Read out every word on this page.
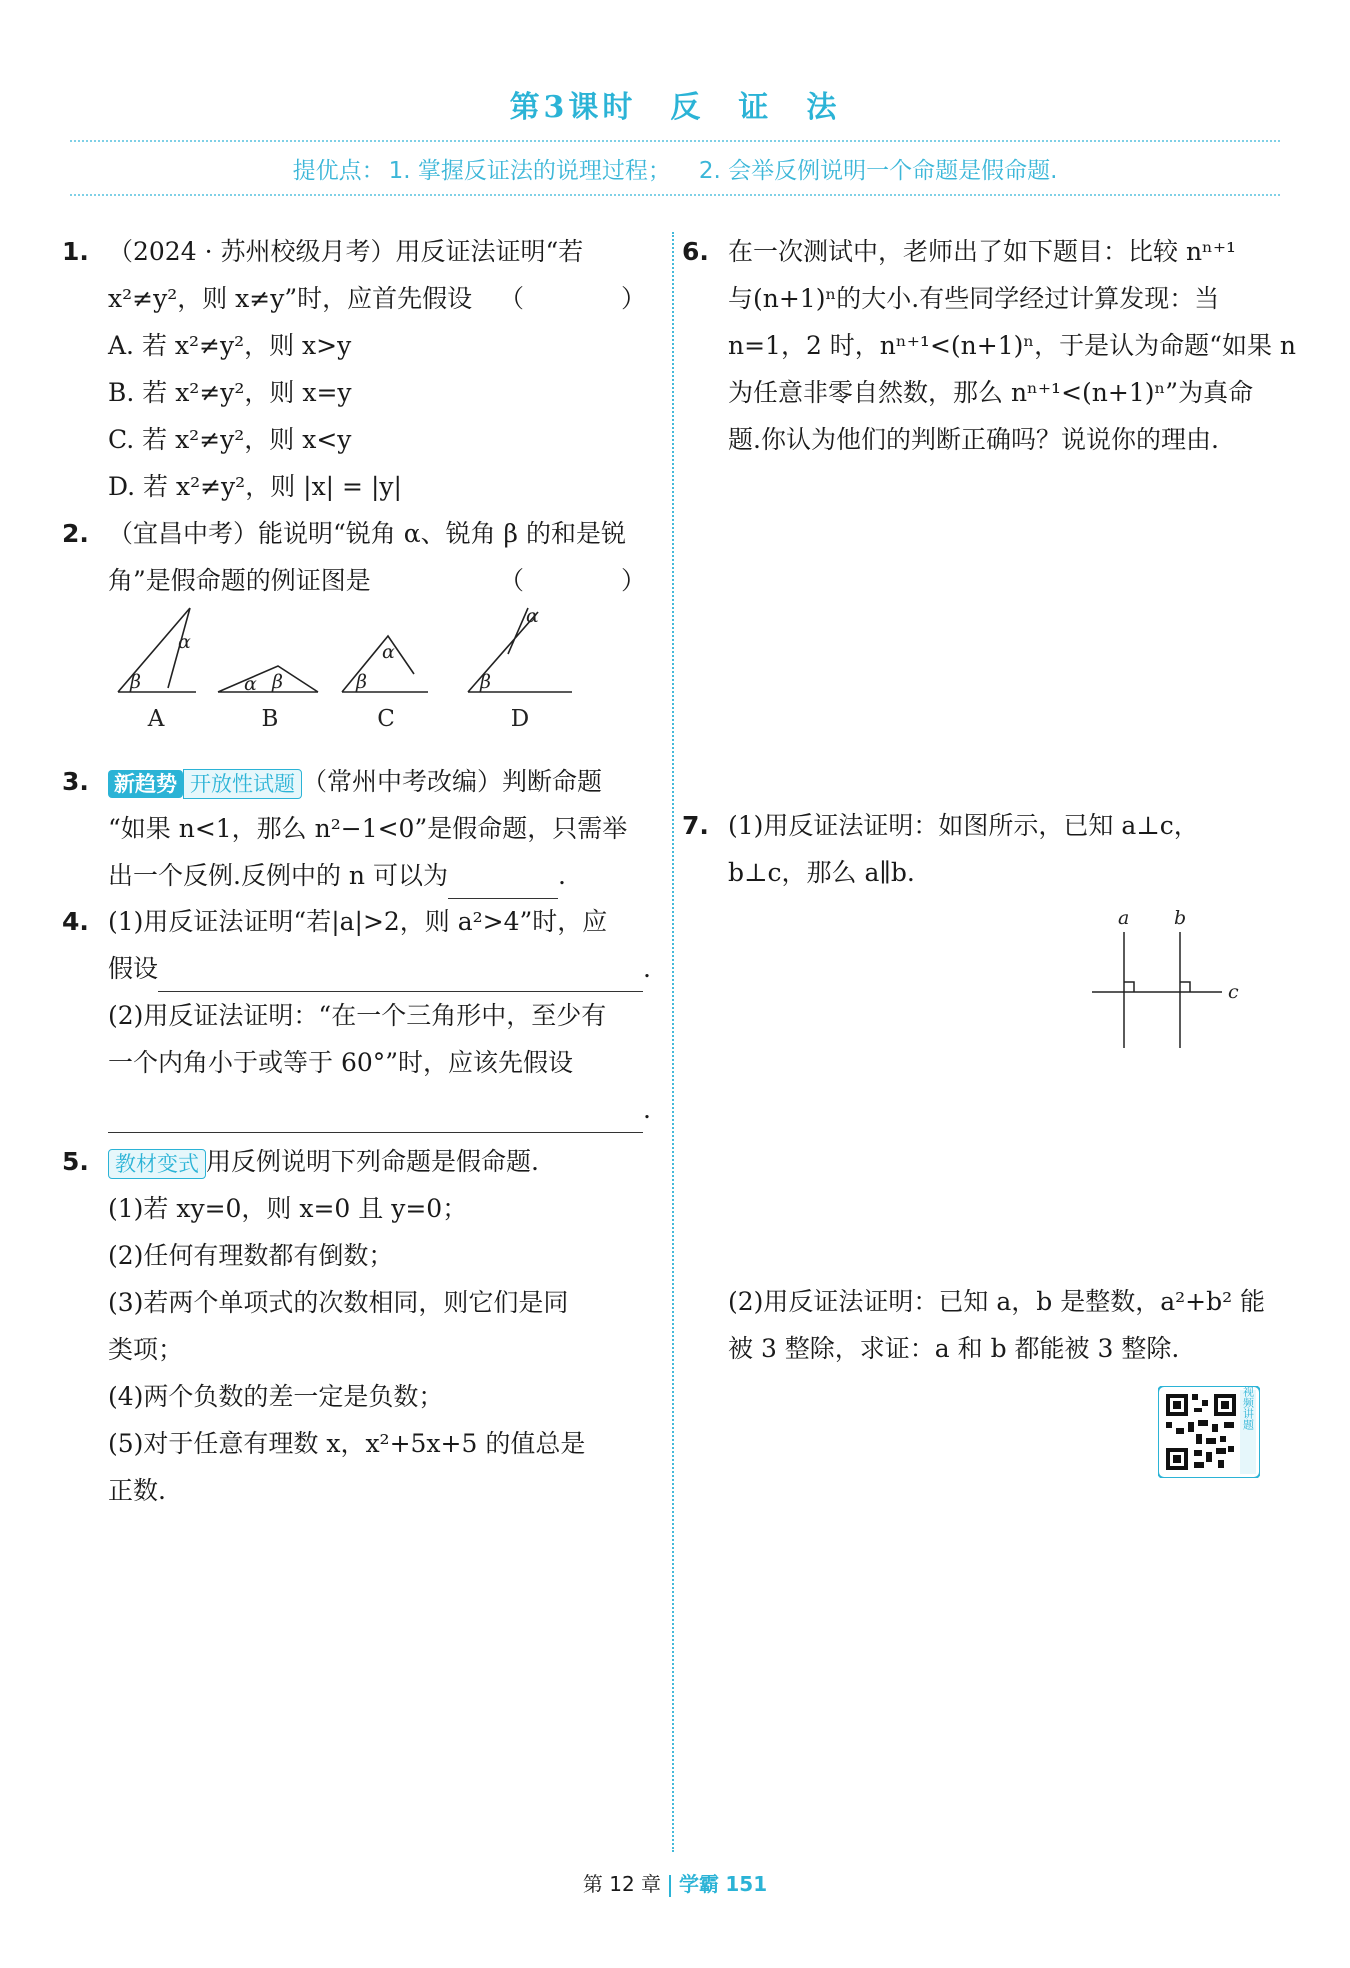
第3课时　反　证　法
提优点： 1. 掌握反证法的说理过程； 2. 会举反例说明一个命题是假命题.
1. （2024 · 苏州校级月考）用反证法证明“若
（　）
x²≠y²，则 x≠y”时，应首先假设
A. 若 x²≠y²，则 x>y
B. 若 x²≠y²，则 x=y
C. 若 x²≠y²，则 x<y
D. 若 x²≠y²，则 |x| = |y|
2. （宜昌中考）能说明“锐角 α、锐角 β 的和是锐
（　）
角”是假命题的例证图是
β
α
α β	β
α
β
α
A	B	C	D
3.	新趋势 开放性试题 （常州中考改编）判断命题
“如果 n<1，那么 n²−1<0”是假命题，只需举
出一个反例.反例中的 n 可以为	.
4. (1)用反证法证明“若|a|>2，则 a²>4”时，应
假设	.
(2)用反证法证明：“在一个三角形中，至少有
一个内角小于或等于 60°”时，应该先假设
.
5.	教材变式 用反例说明下列命题是假命题.
(1)若 xy=0，则 x=0 且 y=0；
(2)任何有理数都有倒数；
(3)若两个单项式的次数相同，则它们是同
类项；
(4)两个负数的差一定是负数；
(5)对于任意有理数 x，x²+5x+5 的值总是
正数.
6. 在一次测试中，老师出了如下题目：比较 nⁿ⁺¹
与(n+1)ⁿ的大小.有些同学经过计算发现：当
n=1，2 时，nⁿ⁺¹<(n+1)ⁿ，于是认为命题“如果 n
为任意非零自然数，那么 nⁿ⁺¹<(n+1)ⁿ”为真命
题.你认为他们的判断正确吗？说说你的理由.
7. (1)用反证法证明：如图所示，已知 a⊥c，
b⊥c，那么 a∥b.
a b
c
(2)用反证法证明：已知 a，b 是整数，a²+b² 能
被 3 整除，求证：a 和 b 都能被 3 整除.
视频讲题
第 12 章 学霸 151
